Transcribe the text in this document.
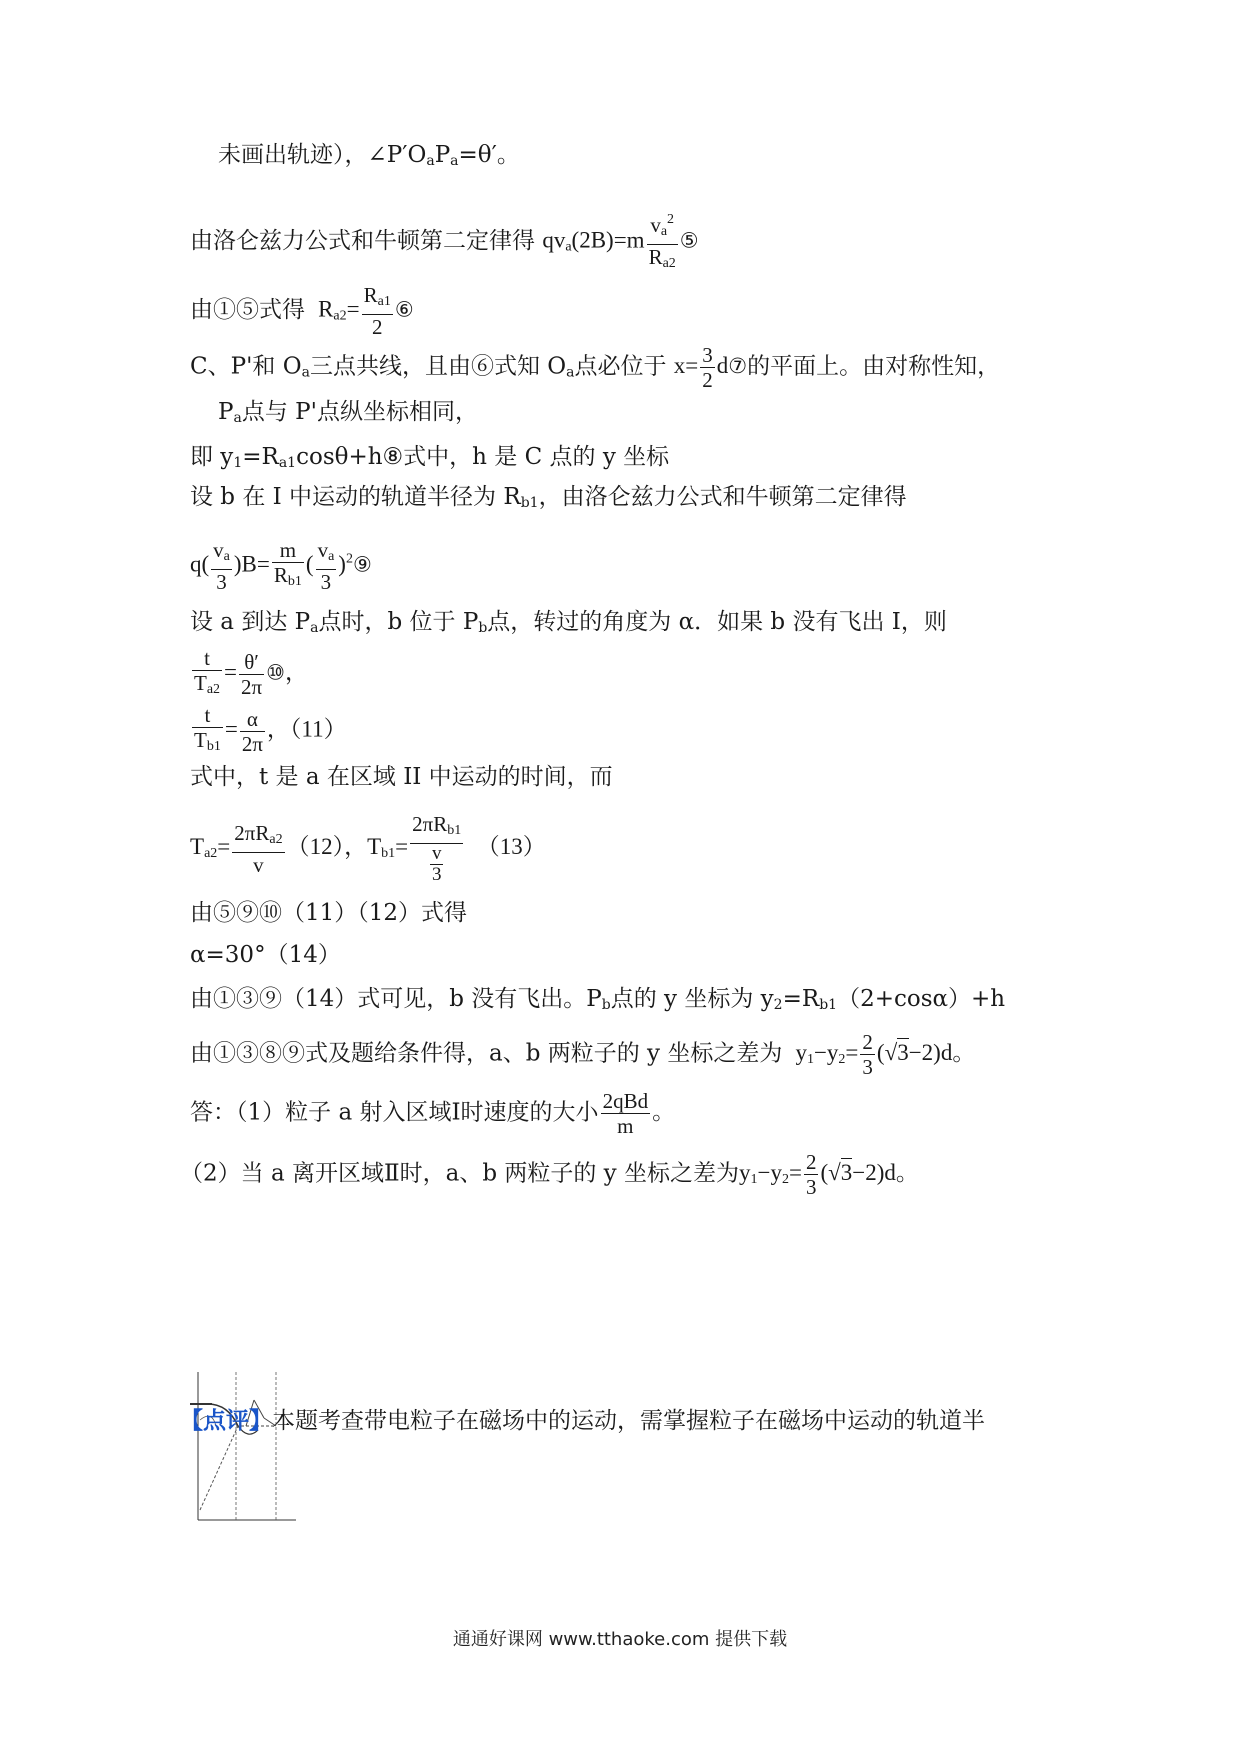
未画出轨迹），$\angle P'O_aP_a=\theta'$。
由洛仑兹力公式和牛顿第二定律得 $qv_a(2B)=m \frac{v_a^2}{R_{a2}}$ ⑤
由①⑤式得  $R_{a2}= \frac{R_{a1}}{2}$ ⑥
C、P'和 $O_a$三点共线，且由⑥式知 $O_a$点必位于 $x= \frac{3}{2}$ d⑦的平面上。由对称性知，
$P_a$点与 P'点纵坐标相同，
即 $y_1=R_{a1}\cos\theta+h⑧$式中，h 是 C 点的 y 坐标
设 b 在 I 中运动的轨道半径为 $R_{b1}$，由洛仑兹力公式和牛顿第二定律得
$q( \frac{v_a}{3} )B= \frac{m}{R_{b1}}$ ( $\frac{v_a}{3}$ )$^2$⑨
设 a 到达 $P_a$点时，b 位于 $P_b$点，转过的角度为 α．如果 b 没有飞出 I，则
$\frac{t}{T_{a2}} = \frac{\theta'}{2\pi}$ ⑩，
$\frac{t}{T_{b1}} = \frac{\alpha}{2\pi}$ ，（11）
式中，t 是 a 在区域 II 中运动的时间，而
$T_{a2}= \frac{2\pi R_{a2}}{v} (12)$，$T_{b1}= \frac{2\pi R_{b1}}{\frac{v}{3}} (13)$
由⑤⑨⑩（11）（12）式得
α=30°（14）
由①③⑨（14）式可见，b 没有飞出。$P_b$点的 y 坐标为 $y_2=R_{b1}(2+\cos\alpha)+h$
由①③⑧⑨式及题给条件得，a、b 两粒子的 y 坐标之差为  $y_1-y_2= \frac{2}{3} (√3-2)d$。
答：（1）粒子 a 射入区域Ⅰ时速度的大小 $\frac{\text{2qBd}}{m}$ 。
（2）当 a 离开区域Ⅱ时，a、b 两粒子的 y 坐标之差为$y_1-y_2= \frac{2}{3} (√3-2)d$。
【点评】本题考查带电粒子在磁场中的运动，需掌握粒子在磁场中运动的轨道半
通通好课网 www.tthaoke.com 提供下载
